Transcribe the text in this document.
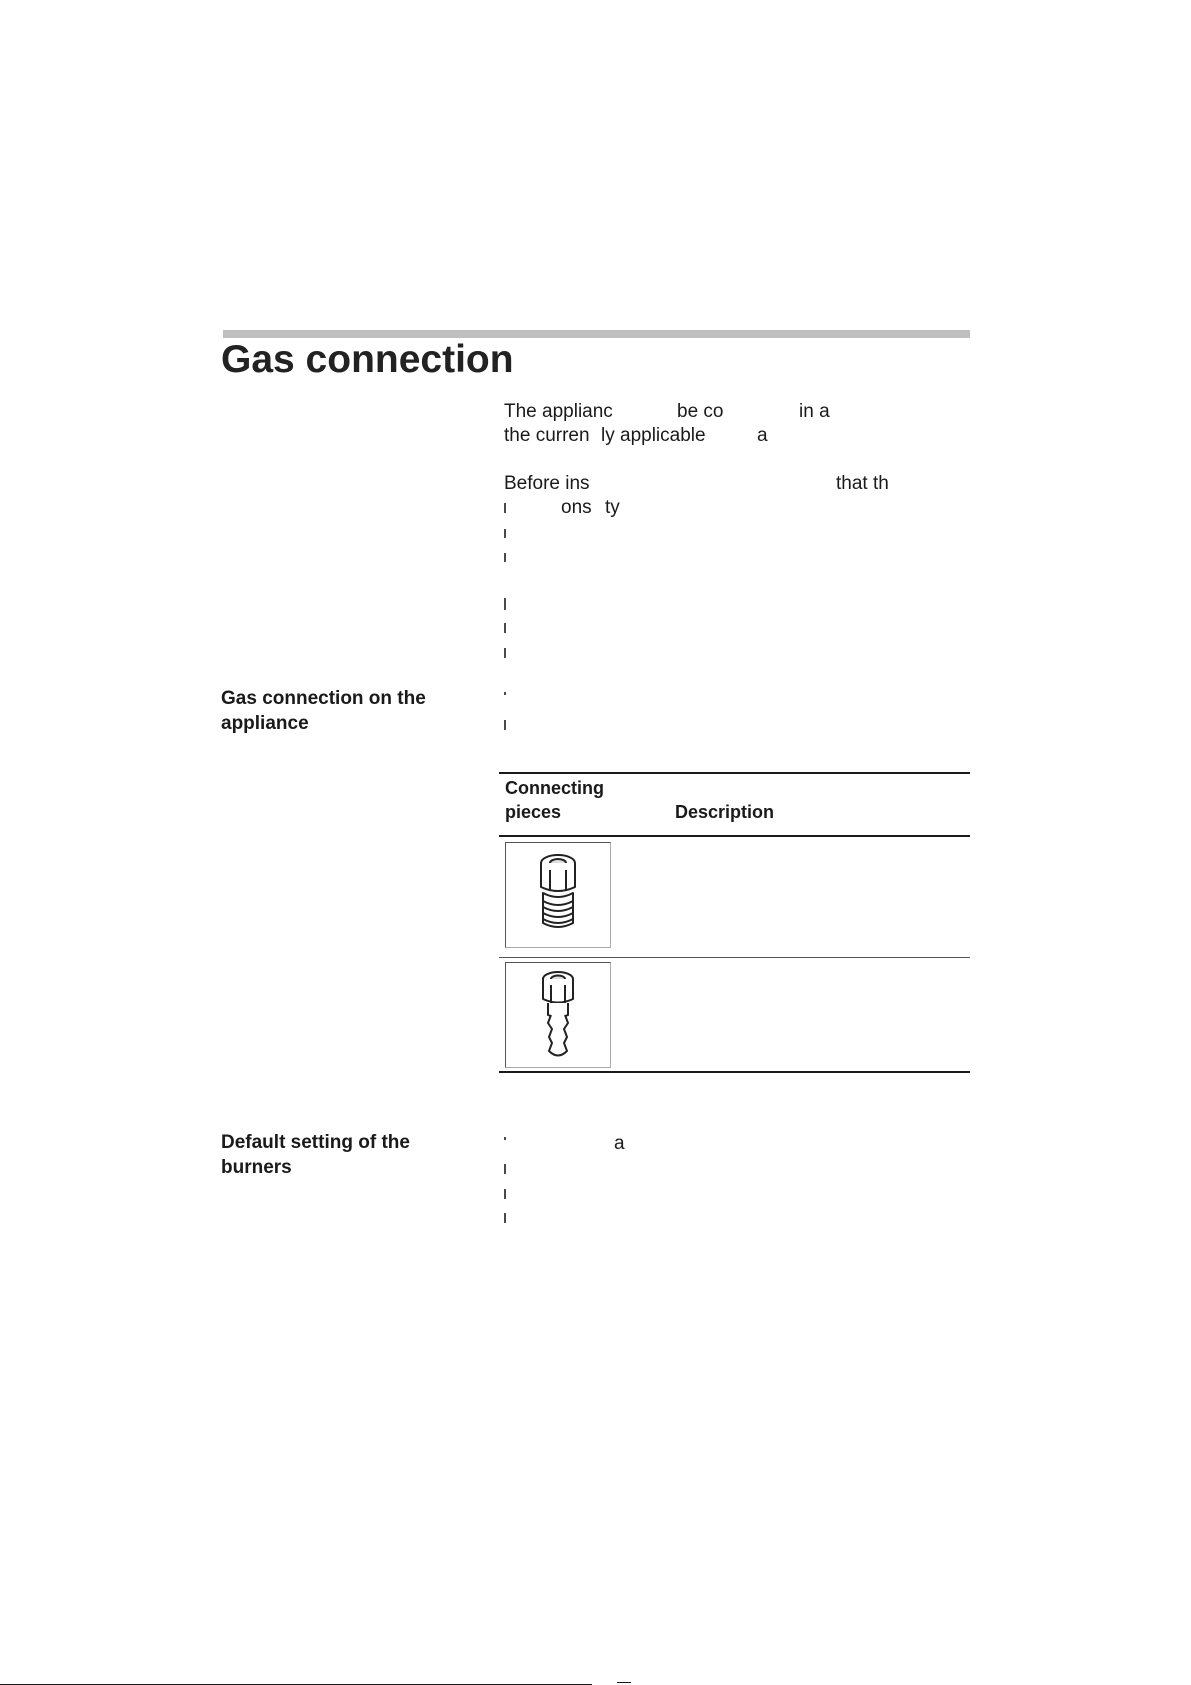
Gas connection
The applianc	be co	in a
the curren ly applicable	a
Before ins	that th
ons ty
a
Gas connection on the
appliance
Default setting of the
burners
Connecting
pieces	Description
